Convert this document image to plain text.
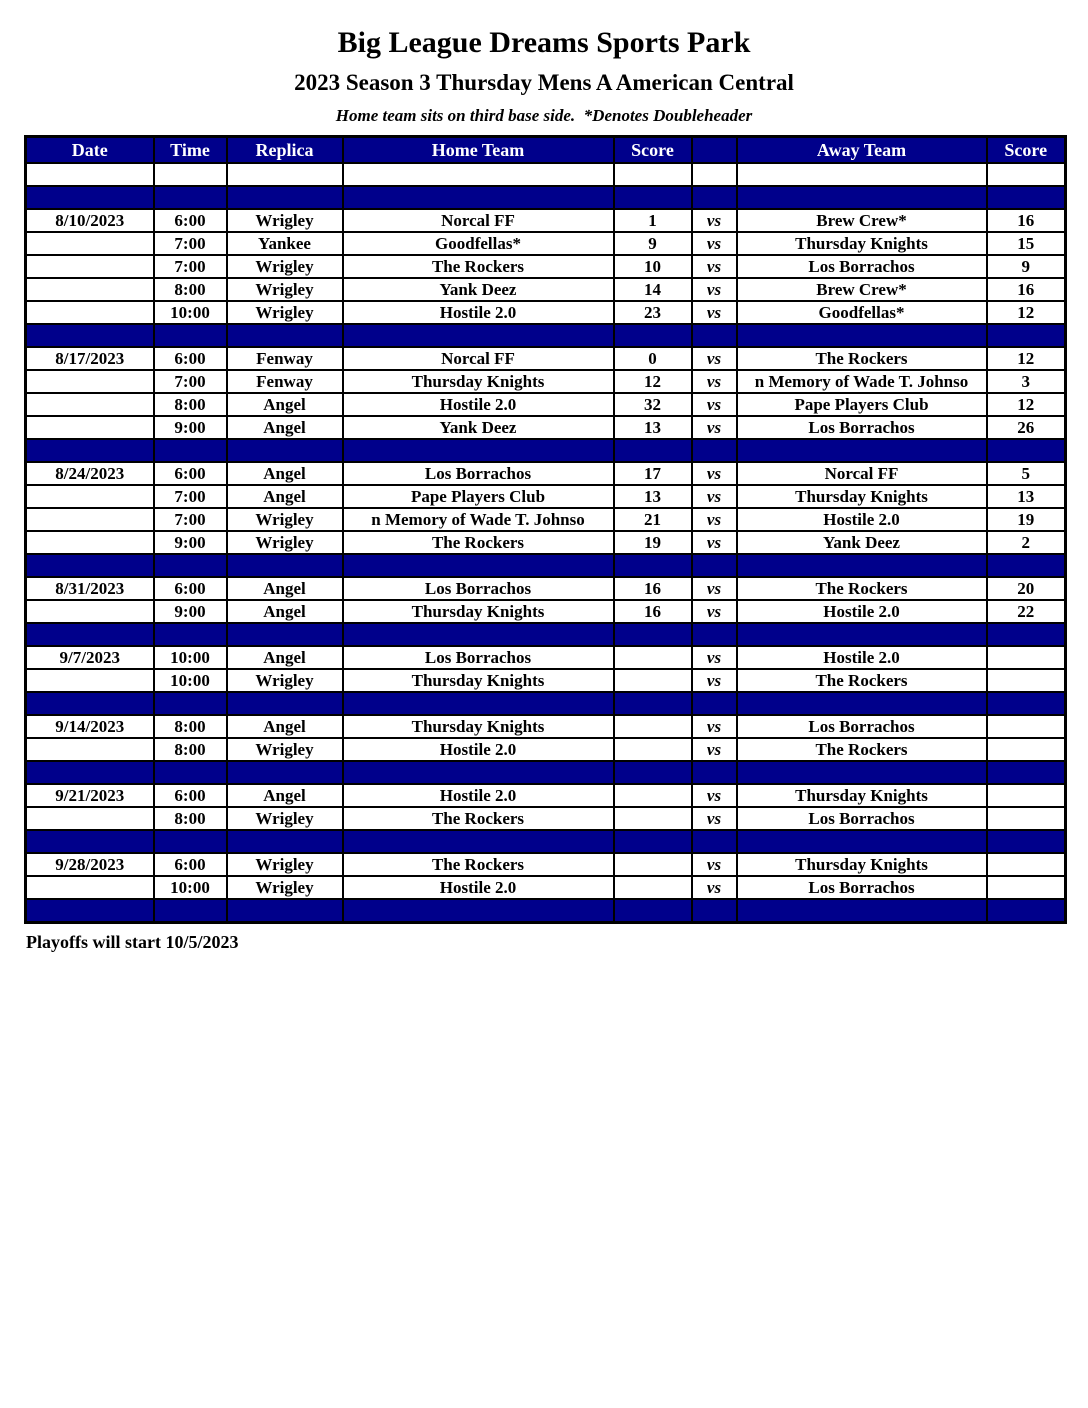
Big League Dreams Sports Park
2023 Season 3 Thursday Mens A American Central
Home team sits on third base side.  *Denotes Doubleheader
Date	Time	Replica	Home Team	Score		Away Team	Score

8/10/2023	6:00	Wrigley	Norcal FF	1	vs	Brew Crew*	16
	7:00	Yankee	Goodfellas*	9	vs	Thursday Knights	15
	7:00	Wrigley	The Rockers	10	vs	Los Borrachos	9
	8:00	Wrigley	Yank Deez	14	vs	Brew Crew*	16
	10:00	Wrigley	Hostile 2.0	23	vs	Goodfellas*	12

8/17/2023	6:00	Fenway	Norcal FF	0	vs	The Rockers	12
	7:00	Fenway	Thursday Knights	12	vs	n Memory of Wade T. Johnso	3
	8:00	Angel	Hostile 2.0	32	vs	Pape Players Club	12
	9:00	Angel	Yank Deez	13	vs	Los Borrachos	26

8/24/2023	6:00	Angel	Los Borrachos	17	vs	Norcal FF	5
	7:00	Angel	Pape Players Club	13	vs	Thursday Knights	13
	7:00	Wrigley	n Memory of Wade T. Johnso	21	vs	Hostile 2.0	19
	9:00	Wrigley	The Rockers	19	vs	Yank Deez	2

8/31/2023	6:00	Angel	Los Borrachos	16	vs	The Rockers	20
	9:00	Angel	Thursday Knights	16	vs	Hostile 2.0	22

9/7/2023	10:00	Angel	Los Borrachos		vs	Hostile 2.0	
	10:00	Wrigley	Thursday Knights		vs	The Rockers	

9/14/2023	8:00	Angel	Thursday Knights		vs	Los Borrachos	
	8:00	Wrigley	Hostile 2.0		vs	The Rockers	

9/21/2023	6:00	Angel	Hostile 2.0		vs	Thursday Knights	
	8:00	Wrigley	The Rockers		vs	Los Borrachos	

9/28/2023	6:00	Wrigley	The Rockers		vs	Thursday Knights	
	10:00	Wrigley	Hostile 2.0		vs	Los Borrachos	

Playoffs will start 10/5/2023
